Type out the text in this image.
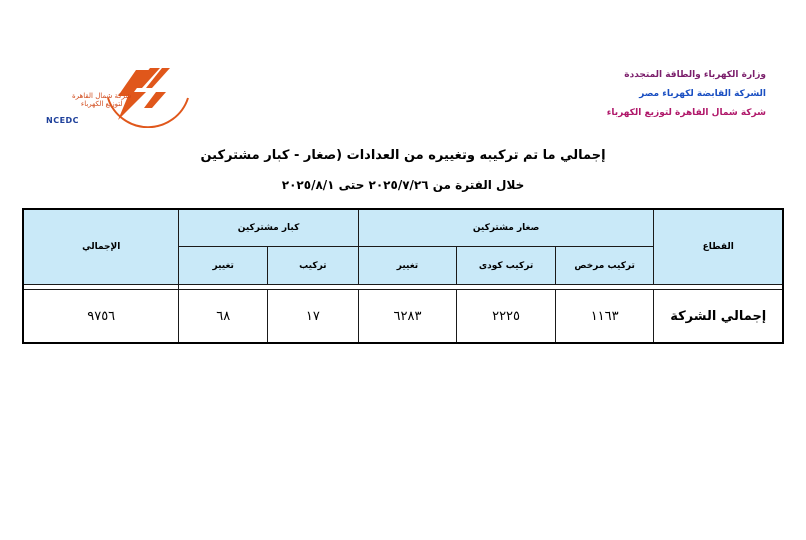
وزارة الكهرباء والطاقة المتجددة
الشركة القابضة لكهرباء مصر
شركة شمال القاهرة لتوزيع الكهرباء
شركة شمال القاهرة
لتوزيع الكهرباء
NCEDC
إجمالي ما تم تركيبه وتغييره من العدادات (صغار - كبار مشتركين
خلال الفترة من ٢٠٢٥/٧/٢٦ حتى ٢٠٢٥/٨/١
القطاع	صغار مشتركين			كبار مشتركين		الإجمالي
	تركيب مرخص	تركيب كودى	تغيير	تركيب	تغيير	

إجمالي الشركة	١١٦٣	٢٢٢٥	٦٢٨٣	١٧	٦٨	٩٧٥٦
